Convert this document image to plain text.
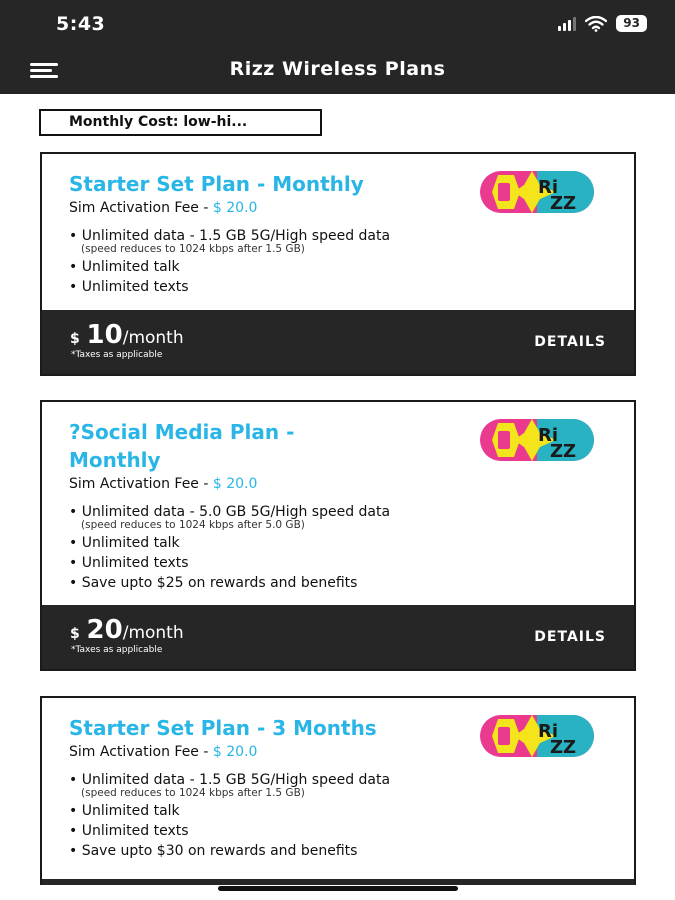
5:43	93
Rizz Wireless Plans
Monthly Cost: low-hi...
Starter Set Plan - Monthly
Sim Activation Fee - $ 20.0
• Unlimited data - 1.5 GB 5G/High speed data
(speed reduces to 1024 kbps after 1.5 GB)
• Unlimited talk
• Unlimited texts
Ri
ZZ
$ 10/month
*Taxes as applicable
DETAILS
?Social Media Plan - Monthly
Sim Activation Fee - $ 20.0
• Unlimited data - 5.0 GB 5G/High speed data
(speed reduces to 1024 kbps after 5.0 GB)
• Unlimited talk
• Unlimited texts
• Save upto $25 on rewards and benefits
Ri
ZZ
$ 20/month
*Taxes as applicable
DETAILS
Starter Set Plan - 3 Months
Sim Activation Fee - $ 20.0
• Unlimited data - 1.5 GB 5G/High speed data
(speed reduces to 1024 kbps after 1.5 GB)
• Unlimited talk
• Unlimited texts
• Save upto $30 on rewards and benefits
Ri
ZZ
